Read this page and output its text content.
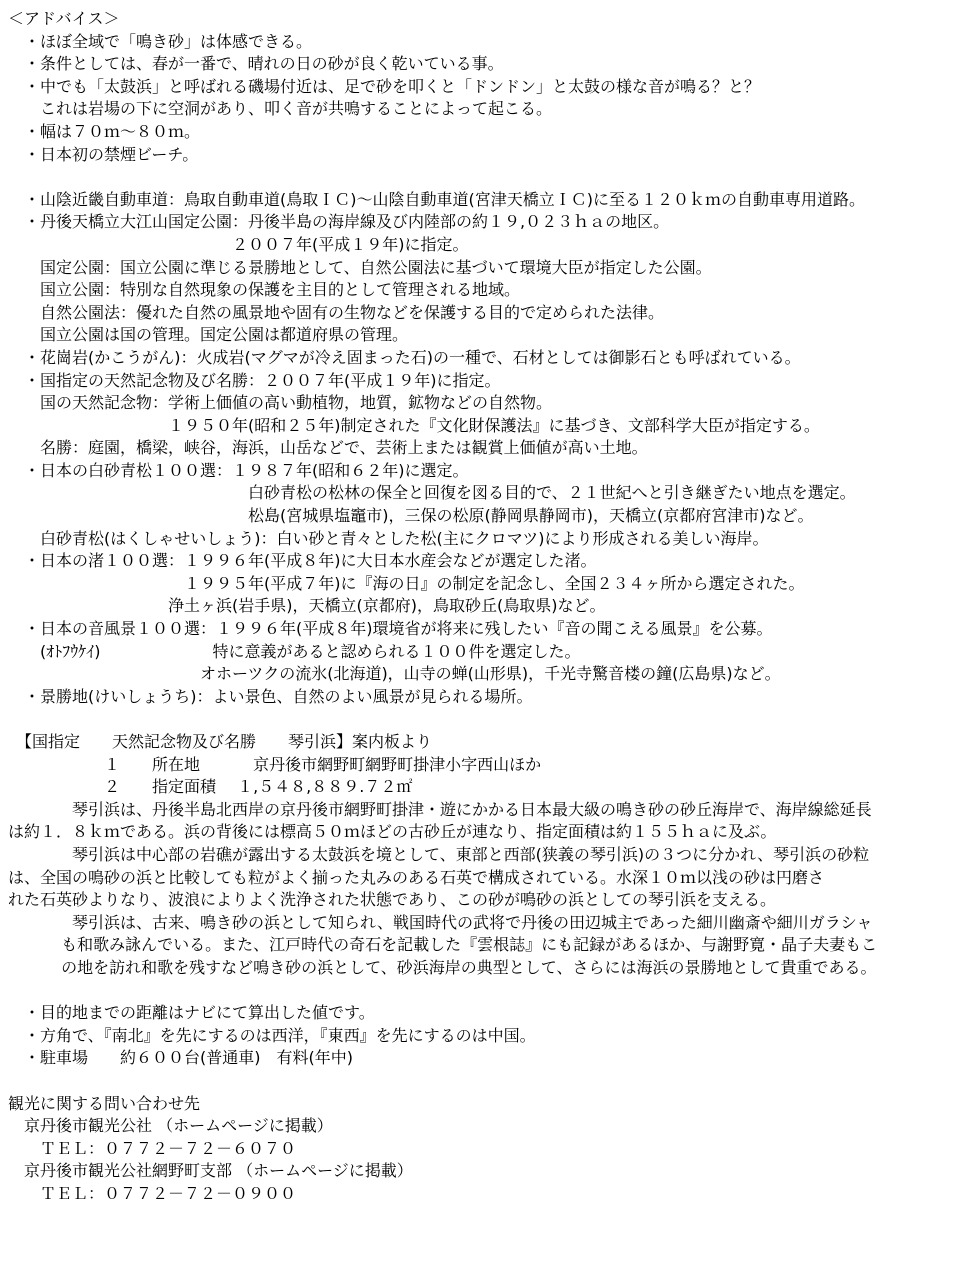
＜アドバイス＞
　・ほぼ全域で「鳴き砂」は体感できる。
　・条件としては、春が一番で、晴れの日の砂が良く乾いている事。
　・中でも「太鼓浜」と呼ばれる磯場付近は、足で砂を叩くと「ドンドン」と太鼓の様な音が鳴る？と？
　　これは岩場の下に空洞があり、叩く音が共鳴することによって起こる。
　・幅は７０ｍ～８０ｍ。
　・日本初の禁煙ビーチ。

　・山陰近畿自動車道：鳥取自動車道(鳥取ＩＣ)～山陰自動車道(宮津天橋立ＩＣ)に至る１２０ｋｍの自動車専用道路。
　・丹後天橋立大江山国定公園：丹後半島の海岸線及び内陸部の約１９,０２３ｈａの地区。
　　　　　　　　　　　　　　２００７年(平成１９年)に指定。
　　国定公園：国立公園に準じる景勝地として、自然公園法に基づいて環境大臣が指定した公園。
　　国立公園：特別な自然現象の保護を主目的として管理される地域。
　　自然公園法：優れた自然の風景地や固有の生物などを保護する目的で定められた法律。
　　国立公園は国の管理。国定公園は都道府県の管理。
　・花崗岩(かこうがん)：火成岩(マグマが冷え固まった石)の一種で、石材としては御影石とも呼ばれている。
　・国指定の天然記念物及び名勝：２００７年(平成１９年)に指定。
　　国の天然記念物：学術上価値の高い動植物，地質，鉱物などの自然物。
　　　　　　　　　　１９５０年(昭和２５年)制定された『文化財保護法』に基づき、文部科学大臣が指定する。
　　名勝：庭園，橋梁，峡谷，海浜，山岳などで、芸術上または観賞上価値が高い土地。
　・日本の白砂青松１００選：１９８７年(昭和６２年)に選定。
　　　　　　　　　　　　　　　白砂青松の松林の保全と回復を図る目的で、２１世紀へと引き継ぎたい地点を選定。
　　　　　　　　　　　　　　　松島(宮城県塩竈市)，三保の松原(静岡県静岡市)，天橋立(京都府宮津市)など。
　　白砂青松(はくしゃせいしょう)：白い砂と青々とした松(主にクロマツ)により形成される美しい海岸。
　・日本の渚１００選：１９９６年(平成８年)に大日本水産会などが選定した渚。
　　　　　　　　　　　１９９５年(平成７年)に『海の日』の制定を記念し、全国２３４ヶ所から選定された。
　　　　　　　　　　浄土ヶ浜(岩手県)，天橋立(京都府)，鳥取砂丘(鳥取県)など。
　・日本の音風景１００選：１９９６年(平成８年)環境省が将来に残したい『音の聞こえる風景』を公募。
　　(ｵﾄﾌｳｹｲ)　　　　　　　特に意義があると認められる１００件を選定した。
　　　　　　　　　　　　オホーツクの流氷(北海道)，山寺の蝉(山形県)，千光寺驚音楼の鐘(広島県)など。
　・景勝地(けいしょうち)：よい景色、自然のよい風景が見られる場所。

　【国指定　　天然記念物及び名勝　　琴引浜】案内板より
　　　　　　１　　所在地　　　 京丹後市網野町網野町掛津小字西山ほか
　　　　　　２　　指定面積　 １,５４８,８８９.７２㎡
　　　　琴引浜は、丹後半島北西岸の京丹後市網野町掛津・遊にかかる日本最大級の鳴き砂の砂丘海岸で、海岸線総延長
は約１．８ｋｍである。浜の背後には標高５０ｍほどの古砂丘が連なり、指定面積は約１５５ｈａに及ぶ。
　　　　琴引浜は中心部の岩礁が露出する太鼓浜を境として、東部と西部(狭義の琴引浜)の３つに分かれ、琴引浜の砂粒
は、全国の鳴砂の浜と比較しても粒がよく揃った丸みのある石英で構成されている。水深１０ｍ以浅の砂は円磨さ
れた石英砂よりなり、波浪によりよく洗浄された状態であり、この砂が鳴砂の浜としての琴引浜を支える。
　　　　琴引浜は、古来、鳴き砂の浜として知られ、戦国時代の武将で丹後の田辺城主であった細川幽斎や細川ガラシャ
　　　 も和歌み詠んでいる。また、江戸時代の奇石を記載した『雲根誌』にも記録があるほか、与謝野寛・晶子夫妻もこ
　　　 の地を訪れ和歌を残すなど鳴き砂の浜として、砂浜海岸の典型として、さらには海浜の景勝地として貴重である。

　・目的地までの距離はナビにて算出した値です。
　・方角で、『南北』を先にするのは西洋，『東西』を先にするのは中国。
　・駐車場　　約６００台(普通車)　有料(年中)

観光に関する問い合わせ先
　京丹後市観光公社 （ホームページに掲載）
　　ＴＥＬ：０７７２－７２－６０７０
　京丹後市観光公社網野町支部 （ホームページに掲載）
　　ＴＥＬ：０７７２－７２－０９００
